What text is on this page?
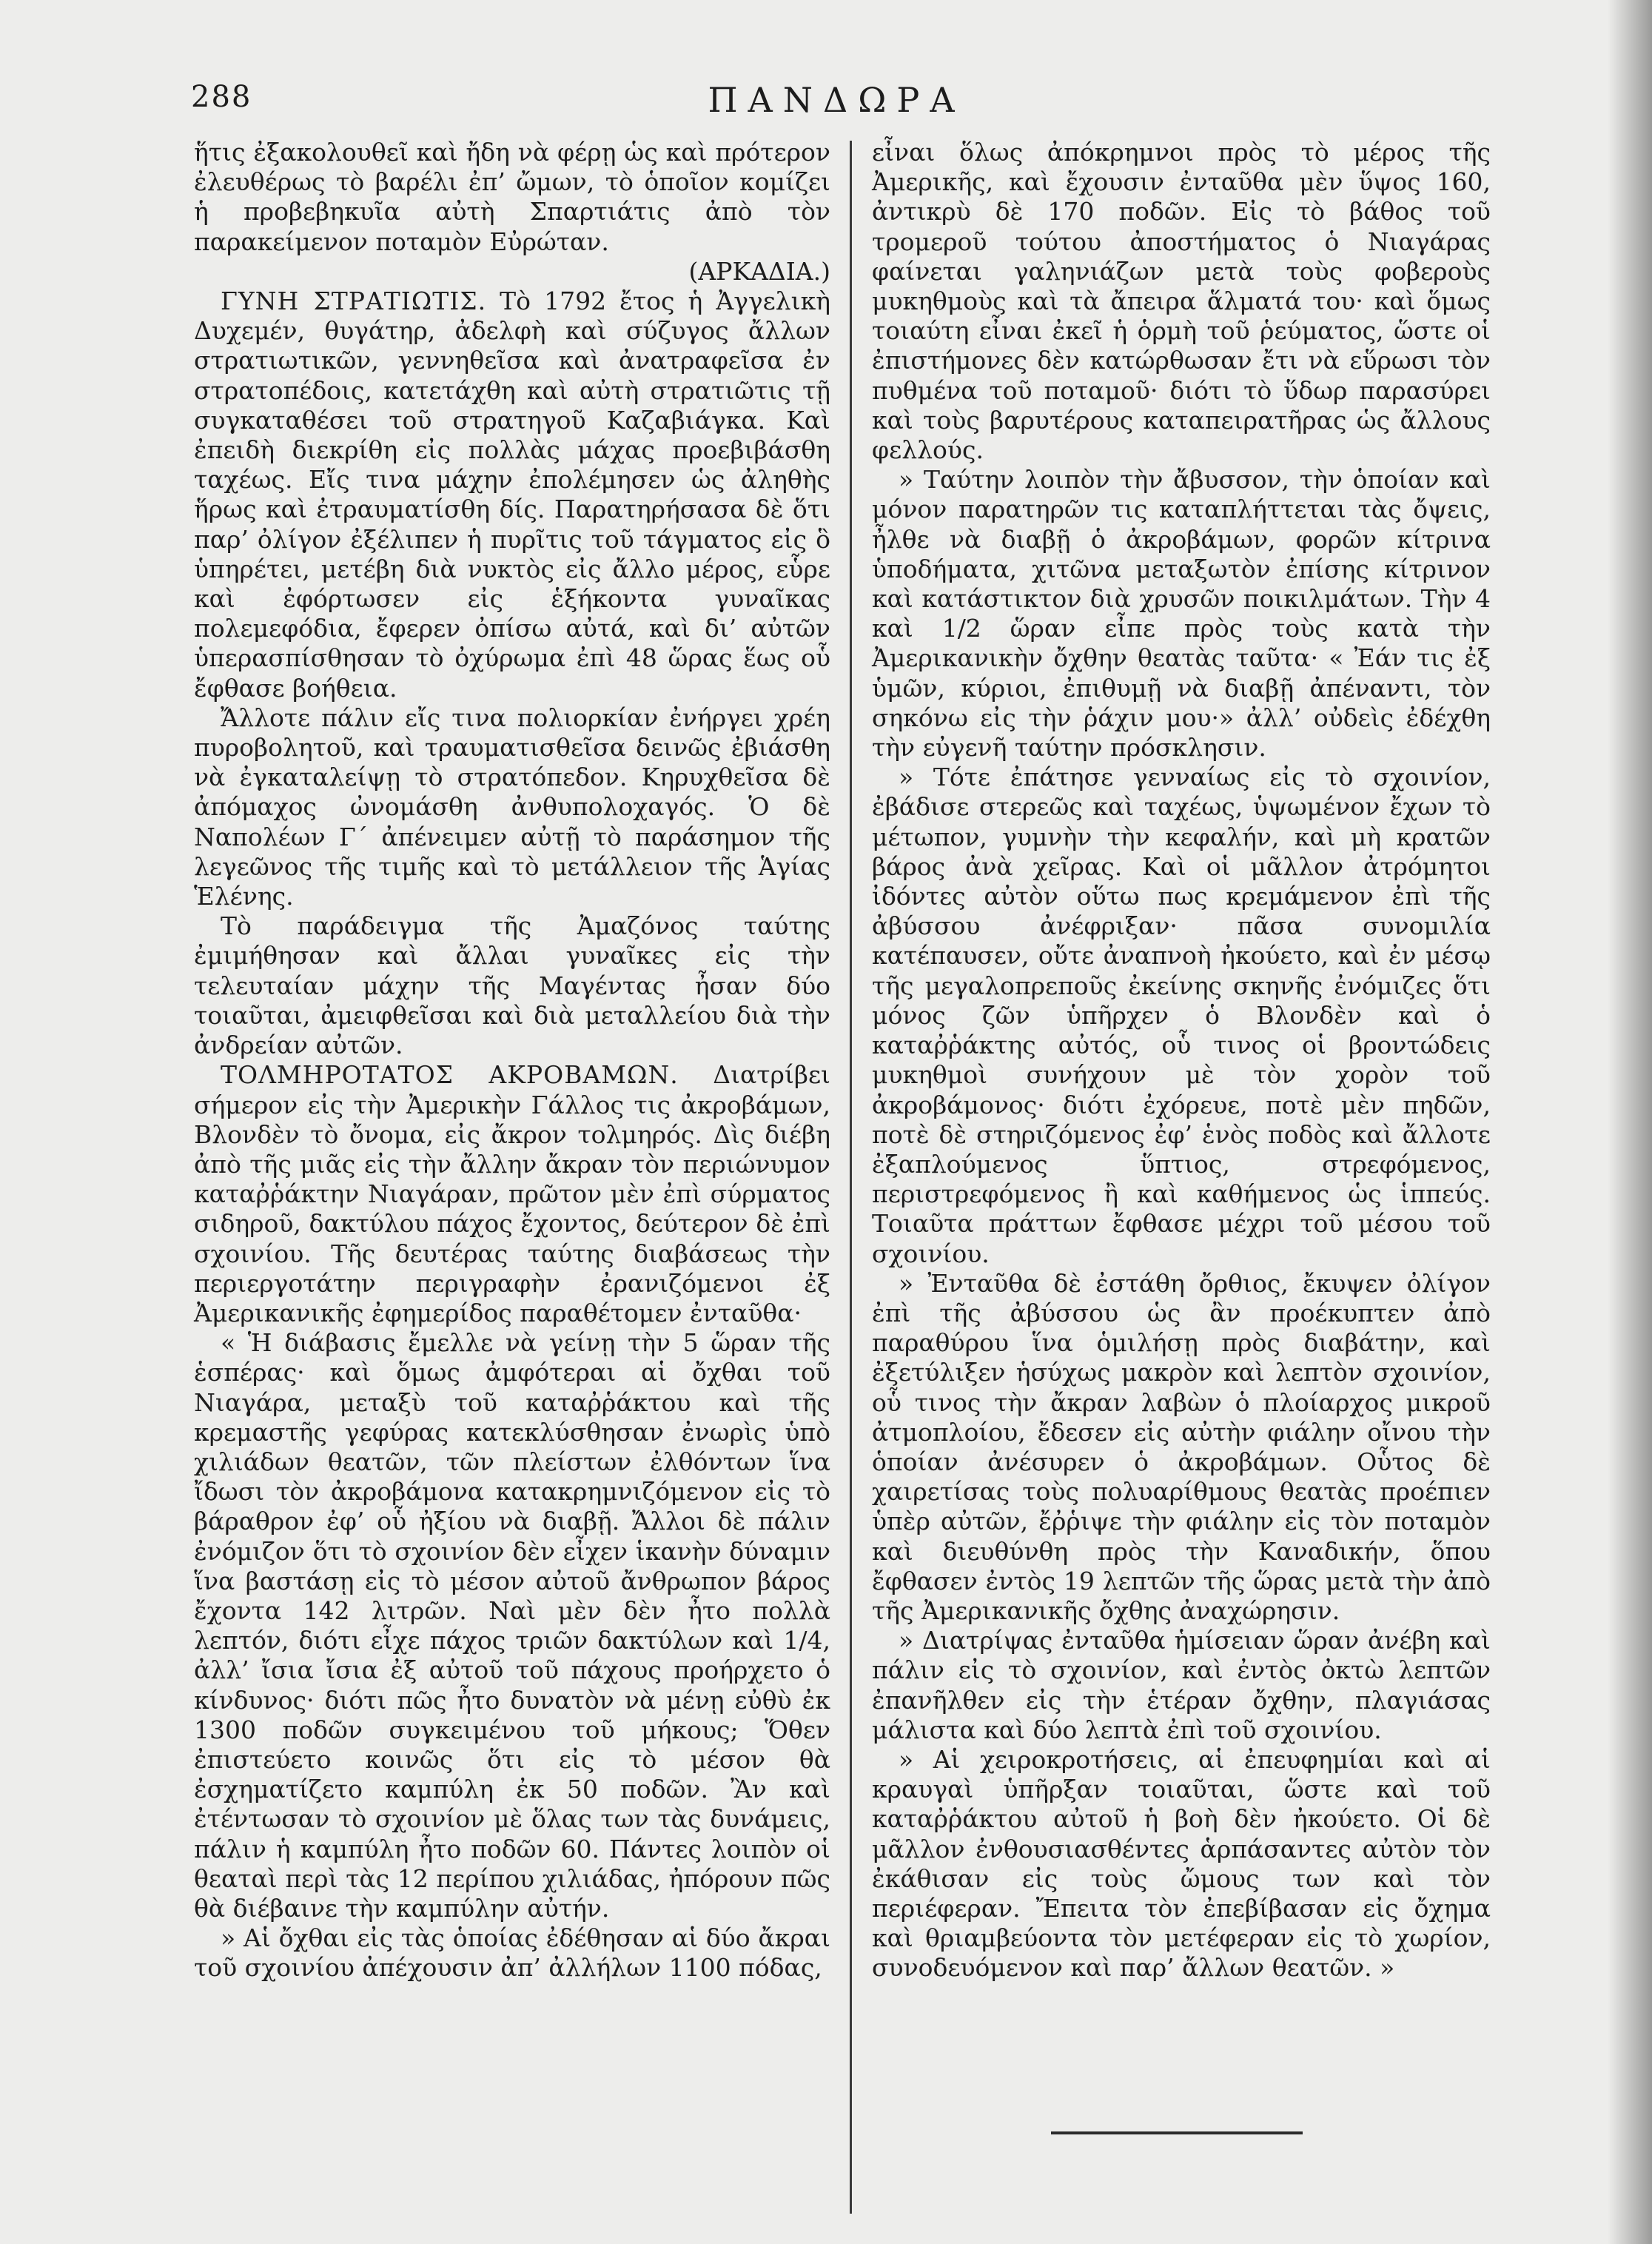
288	ΠΑΝΔΩΡΑ

ἥτις ἐξακολουθεῖ καὶ ἤδη νὰ φέρῃ ὡς καὶ πρότερον ἐλευθέρως τὸ βαρέλι ἐπ’ ὤμων, τὸ ὁποῖον κομίζει ἡ προβεβηκυῖα αὐτὴ Σπαρτιάτις ἀπὸ τὸν παρακείμενον ποταμὸν Εὐρώταν.
(ΑΡΚΑΔΙΑ.)

ΓΥΝΗ ΣΤΡΑΤΙΩΤΙΣ. Τὸ 1792 ἔτος ἡ Ἀγγελικὴ Δυχεμέν, θυγάτηρ, ἀδελφὴ καὶ σύζυγος ἄλλων στρατιωτικῶν, γεννηθεῖσα καὶ ἀνατραφεῖσα ἐν στρατοπέδοις, κατετάχθη καὶ αὐτὴ στρατιῶτις τῇ συγκαταθέσει τοῦ στρατηγοῦ Καζαβιάγκα. Καὶ ἐπειδὴ διεκρίθη εἰς πολλὰς μάχας προεβιβάσθη ταχέως. Εἴς τινα μάχην ἐπολέμησεν ὡς ἀληθὴς ἥρως καὶ ἐτραυματίσθη δίς. Παρατηρήσασα δὲ ὅτι παρ’ ὀλίγον ἐξέλιπεν ἡ πυρῖτις τοῦ τάγματος εἰς ὃ ὑπηρέτει, μετέβη διὰ νυκτὸς εἰς ἄλλο μέρος, εὗρε καὶ ἐφόρτωσεν εἰς ἑξήκοντα γυναῖκας πολεμεφόδια, ἔφερεν ὀπίσω αὐτά, καὶ δι’ αὐτῶν ὑπερασπίσθησαν τὸ ὀχύρωμα ἐπὶ 48 ὥρας ἕως οὗ ἔφθασε βοήθεια.

Ἄλλοτε πάλιν εἴς τινα πολιορκίαν ἐνήργει χρέη πυροβολητοῦ, καὶ τραυματισθεῖσα δεινῶς ἐβιάσθη νὰ ἐγκαταλείψῃ τὸ στρατόπεδον. Κηρυχθεῖσα δὲ ἀπόμαχος ὠνομάσθη ἀνθυπολοχαγός. Ὁ δὲ Ναπολέων Γ΄ ἀπένειμεν αὐτῇ τὸ παράσημον τῆς λεγεῶνος τῆς τιμῆς καὶ τὸ μετάλλειον τῆς Ἁγίας Ἑλένης.

Τὸ παράδειγμα τῆς Ἀμαζόνος ταύτης ἐμιμήθησαν καὶ ἄλλαι γυναῖκες εἰς τὴν τελευταίαν μάχην τῆς Μαγέντας ἦσαν δύο τοιαῦται, ἀμειφθεῖσαι καὶ διὰ μεταλλείου διὰ τὴν ἀνδρείαν αὐτῶν.

ΤΟΛΜΗΡΟΤΑΤΟΣ ΑΚΡΟΒΑΜΩΝ. Διατρίβει σήμερον εἰς τὴν Ἀμερικὴν Γάλλος τις ἀκροβάμων, Βλονδὲν τὸ ὄνομα, εἰς ἄκρον τολμηρός. Δὶς διέβη ἀπὸ τῆς μιᾶς εἰς τὴν ἄλλην ἄκραν τὸν περιώνυμον καταῤῥάκτην Νιαγάραν, πρῶτον μὲν ἐπὶ σύρματος σιδηροῦ, δακτύλου πάχος ἔχοντος, δεύτερον δὲ ἐπὶ σχοινίου. Τῆς δευτέρας ταύτης διαβάσεως τὴν περιεργοτάτην περιγραφὴν ἐρανιζόμενοι ἐξ Ἀμερικανικῆς ἐφημερίδος παραθέτομεν ἐνταῦθα·

« Ἡ διάβασις ἔμελλε νὰ γείνῃ τὴν 5 ὥραν τῆς ἑσπέρας· καὶ ὅμως ἀμφότεραι αἱ ὄχθαι τοῦ Νιαγάρα, μεταξὺ τοῦ καταῤῥάκτου καὶ τῆς κρεμαστῆς γεφύρας κατεκλύσθησαν ἐνωρὶς ὑπὸ χιλιάδων θεατῶν, τῶν πλείστων ἐλθόντων ἵνα ἴδωσι τὸν ἀκροβάμονα κατακρημνιζόμενον εἰς τὸ βάραθρον ἐφ’ οὗ ἠξίου νὰ διαβῇ. Ἄλλοι δὲ πάλιν ἐνόμιζον ὅτι τὸ σχοινίον δὲν εἶχεν ἱκανὴν δύναμιν ἵνα βαστάσῃ εἰς τὸ μέσον αὐτοῦ ἄνθρωπον βάρος ἔχοντα 142 λιτρῶν. Ναὶ μὲν δὲν ἦτο πολλὰ λεπτόν, διότι εἶχε πάχος τριῶν δακτύλων καὶ 1/4, ἀλλ’ ἴσια ἴσια ἐξ αὐτοῦ τοῦ πάχους προήρχετο ὁ κίνδυνος· διότι πῶς ἦτο δυνατὸν νὰ μένῃ εὐθὺ ἐκ 1300 ποδῶν συγκειμένου τοῦ μήκους; Ὅθεν ἐπιστεύετο κοινῶς ὅτι εἰς τὸ μέσον θὰ ἐσχηματίζετο καμπύλη ἐκ 50 ποδῶν. Ἂν καὶ ἐτέντωσαν τὸ σχοινίον μὲ ὅλας των τὰς δυνάμεις, πάλιν ἡ καμπύλη ἦτο ποδῶν 60. Πάντες λοιπὸν οἱ θεαταὶ περὶ τὰς 12 περίπου χιλιάδας, ἠπόρουν πῶς θὰ διέβαινε τὴν καμπύλην αὐτήν.

» Αἱ ὄχθαι εἰς τὰς ὁποίας ἐδέθησαν αἱ δύο ἄκραι τοῦ σχοινίου ἀπέχουσιν ἀπ’ ἀλλήλων 1100 πόδας,

εἶναι ὅλως ἀπόκρημνοι πρὸς τὸ μέρος τῆς Ἀμερικῆς, καὶ ἔχουσιν ἐνταῦθα μὲν ὕψος 160, ἀντικρὺ δὲ 170 ποδῶν. Εἰς τὸ βάθος τοῦ τρομεροῦ τούτου ἀποστήματος ὁ Νιαγάρας φαίνεται γαληνιάζων μετὰ τοὺς φοβεροὺς μυκηθμοὺς καὶ τὰ ἄπειρα ἅλματά του· καὶ ὅμως τοιαύτη εἶναι ἐκεῖ ἡ ὁρμὴ τοῦ ῥεύματος, ὥστε οἱ ἐπιστήμονες δὲν κατώρθωσαν ἔτι νὰ εὕρωσι τὸν πυθμένα τοῦ ποταμοῦ· διότι τὸ ὕδωρ παρασύρει καὶ τοὺς βαρυτέρους καταπειρατῆρας ὡς ἄλλους φελλούς.

» Ταύτην λοιπὸν τὴν ἄβυσσον, τὴν ὁποίαν καὶ μόνον παρατηρῶν τις καταπλήττεται τὰς ὄψεις, ἦλθε νὰ διαβῇ ὁ ἀκροβάμων, φορῶν κίτρινα ὑποδήματα, χιτῶνα μεταξωτὸν ἐπίσης κίτρινον καὶ κατάστικτον διὰ χρυσῶν ποικιλμάτων. Τὴν 4 καὶ 1/2 ὥραν εἶπε πρὸς τοὺς κατὰ τὴν Ἀμερικανικὴν ὄχθην θεατὰς ταῦτα· « Ἐάν τις ἐξ ὑμῶν, κύριοι, ἐπιθυμῇ νὰ διαβῇ ἀπέναντι, τὸν σηκόνω εἰς τὴν ῥάχιν μου·» ἀλλ’ οὐδεὶς ἐδέχθη τὴν εὐγενῆ ταύτην πρόσκλησιν.

» Τότε ἐπάτησε γενναίως εἰς τὸ σχοινίον, ἐβάδισε στερεῶς καὶ ταχέως, ὑψωμένον ἔχων τὸ μέτωπον, γυμνὴν τὴν κεφαλήν, καὶ μὴ κρατῶν βάρος ἀνὰ χεῖρας. Καὶ οἱ μᾶλλον ἀτρόμητοι ἰδόντες αὐτὸν οὕτω πως κρεμάμενον ἐπὶ τῆς ἀβύσσου ἀνέφριξαν· πᾶσα συνομιλία κατέπαυσεν, οὔτε ἀναπνοὴ ἠκούετο, καὶ ἐν μέσῳ τῆς μεγαλοπρεποῦς ἐκείνης σκηνῆς ἐνόμιζες ὅτι μόνος ζῶν ὑπῆρχεν ὁ Βλονδὲν καὶ ὁ καταῤῥάκτης αὐτός, οὗ τινος οἱ βροντώδεις μυκηθμοὶ συνήχουν μὲ τὸν χορὸν τοῦ ἀκροβάμονος· διότι ἐχόρευε, ποτὲ μὲν πηδῶν, ποτὲ δὲ στηριζόμενος ἐφ’ ἑνὸς ποδὸς καὶ ἄλλοτε ἐξαπλούμενος ὕπτιος, στρεφόμενος, περιστρεφόμενος ἢ καὶ καθήμενος ὡς ἱππεύς. Τοιαῦτα πράττων ἔφθασε μέχρι τοῦ μέσου τοῦ σχοινίου.

» Ἐνταῦθα δὲ ἐστάθη ὄρθιος, ἔκυψεν ὀλίγον ἐπὶ τῆς ἀβύσσου ὡς ἂν προέκυπτεν ἀπὸ παραθύρου ἵνα ὁμιλήσῃ πρὸς διαβάτην, καὶ ἐξετύλιξεν ἡσύχως μακρὸν καὶ λεπτὸν σχοινίον, οὗ τινος τὴν ἄκραν λαβὼν ὁ πλοίαρχος μικροῦ ἀτμοπλοίου, ἔδεσεν εἰς αὐτὴν φιάλην οἴνου τὴν ὁποίαν ἀνέσυρεν ὁ ἀκροβάμων. Οὗτος δὲ χαιρετίσας τοὺς πολυαρίθμους θεατὰς προέπιεν ὑπὲρ αὐτῶν, ἔῤῥιψε τὴν φιάλην εἰς τὸν ποταμὸν καὶ διευθύνθη πρὸς τὴν Καναδικήν, ὅπου ἔφθασεν ἐντὸς 19 λεπτῶν τῆς ὥρας μετὰ τὴν ἀπὸ τῆς Ἀμερικανικῆς ὄχθης ἀναχώρησιν.

» Διατρίψας ἐνταῦθα ἡμίσειαν ὥραν ἀνέβη καὶ πάλιν εἰς τὸ σχοινίον, καὶ ἐντὸς ὀκτὼ λεπτῶν ἐπανῆλθεν εἰς τὴν ἑτέραν ὄχθην, πλαγιάσας μάλιστα καὶ δύο λεπτὰ ἐπὶ τοῦ σχοινίου.

» Αἱ χειροκροτήσεις, αἱ ἐπευφημίαι καὶ αἱ κραυγαὶ ὑπῆρξαν τοιαῦται, ὥστε καὶ τοῦ καταῤῥάκτου αὐτοῦ ἡ βοὴ δὲν ἠκούετο. Οἱ δὲ μᾶλλον ἐνθουσιασθέντες ἁρπάσαντες αὐτὸν τὸν ἐκάθισαν εἰς τοὺς ὤμους των καὶ τὸν περιέφεραν. Ἔπειτα τὸν ἐπεβίβασαν εἰς ὄχημα καὶ θριαμβεύοντα τὸν μετέφεραν εἰς τὸ χωρίον, συνοδευόμενον καὶ παρ’ ἄλλων θεατῶν. »
